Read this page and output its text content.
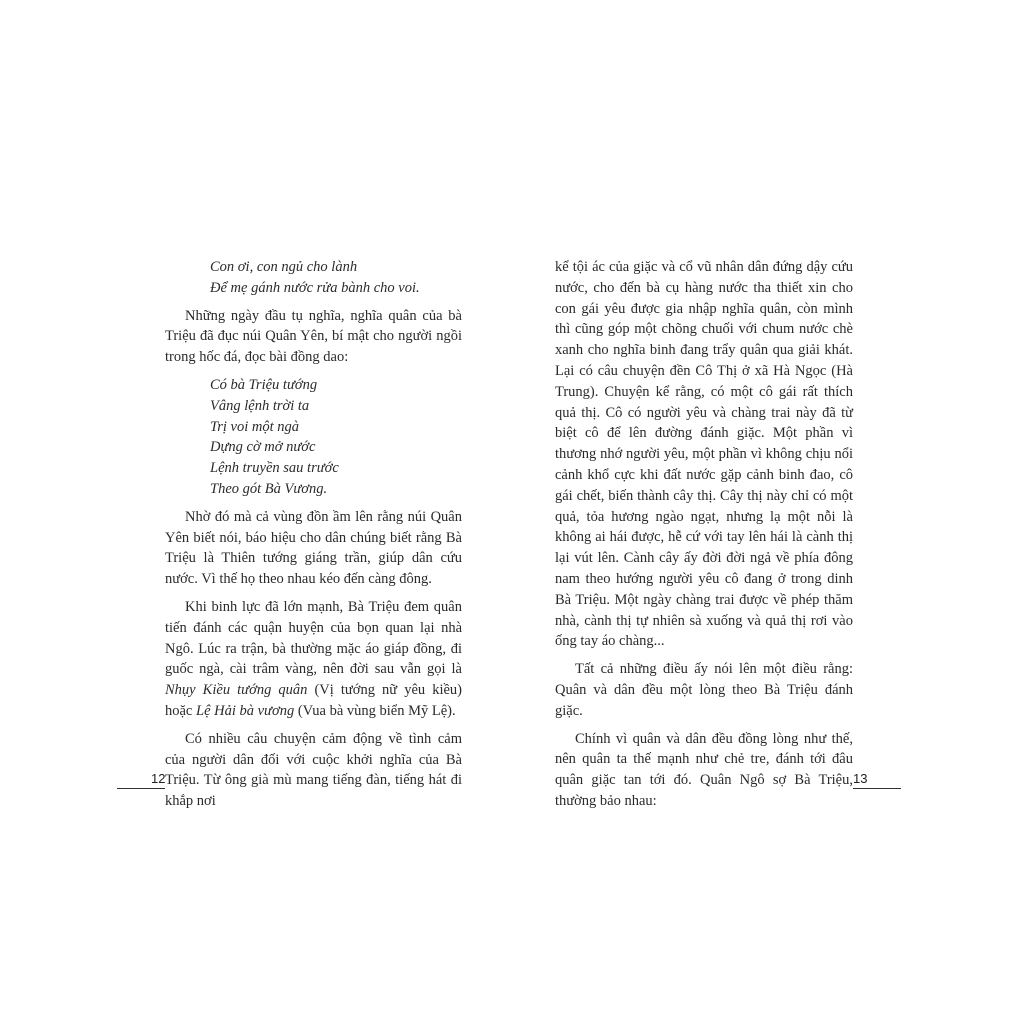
Con ơi, con ngủ cho lành
Để mẹ gánh nước rửa bành cho voi.

Những ngày đầu tụ nghĩa, nghĩa quân của bà Triệu đã đục núi Quân Yên, bí mật cho người ngồi trong hốc đá, đọc bài đồng dao:

Có bà Triệu tướng
Vâng lệnh trời ta
Trị voi một ngà
Dựng cờ mở nước
Lệnh truyền sau trước
Theo gót Bà Vương.

Nhờ đó mà cả vùng đồn ầm lên rằng núi Quân Yên biết nói, báo hiệu cho dân chúng biết rằng Bà Triệu là Thiên tướng giáng trần, giúp dân cứu nước. Vì thế họ theo nhau kéo đến càng đông.

Khi binh lực đã lớn mạnh, Bà Triệu đem quân tiến đánh các quận huyện của bọn quan lại nhà Ngô. Lúc ra trận, bà thường mặc áo giáp đồng, đi guốc ngà, cài trâm vàng, nên đời sau vẫn gọi là Nhụy Kiều tướng quân (Vị tướng nữ yêu kiều) hoặc Lệ Hải bà vương (Vua bà vùng biển Mỹ Lệ).

Có nhiều câu chuyện cảm động về tình cảm của người dân đối với cuộc khởi nghĩa của Bà Triệu. Từ ông già mù mang tiếng đàn, tiếng hát đi khắp nơi

12

kể tội ác của giặc và cổ vũ nhân dân đứng dậy cứu nước, cho đến bà cụ hàng nước tha thiết xin cho con gái yêu được gia nhập nghĩa quân, còn mình thì cũng góp một chõng chuối với chum nước chè xanh cho nghĩa binh đang trẩy quân qua giải khát. Lại có câu chuyện đền Cô Thị ở xã Hà Ngọc (Hà Trung). Chuyện kể rằng, có một cô gái rất thích quả thị. Cô có người yêu và chàng trai này đã từ biệt cô để lên đường đánh giặc. Một phần vì thương nhớ người yêu, một phần vì không chịu nổi cảnh khổ cực khi đất nước gặp cảnh binh đao, cô gái chết, biến thành cây thị. Cây thị này chỉ có một quả, tỏa hương ngào ngạt, nhưng lạ một nỗi là không ai hái được, hễ cứ với tay lên hái là cành thị lại vút lên. Cành cây ấy đời đời ngả về phía đông nam theo hướng người yêu cô đang ở trong dinh Bà Triệu. Một ngày chàng trai được về phép thăm nhà, cành thị tự nhiên sà xuống và quả thị rơi vào ống tay áo chàng...

Tất cả những điều ấy nói lên một điều rằng: Quân và dân đều một lòng theo Bà Triệu đánh giặc.

Chính vì quân và dân đều đồng lòng như thế, nên quân ta thế mạnh như chẻ tre, đánh tới đâu quân giặc tan tới đó. Quân Ngô sợ Bà Triệu, thường bảo nhau:

13
